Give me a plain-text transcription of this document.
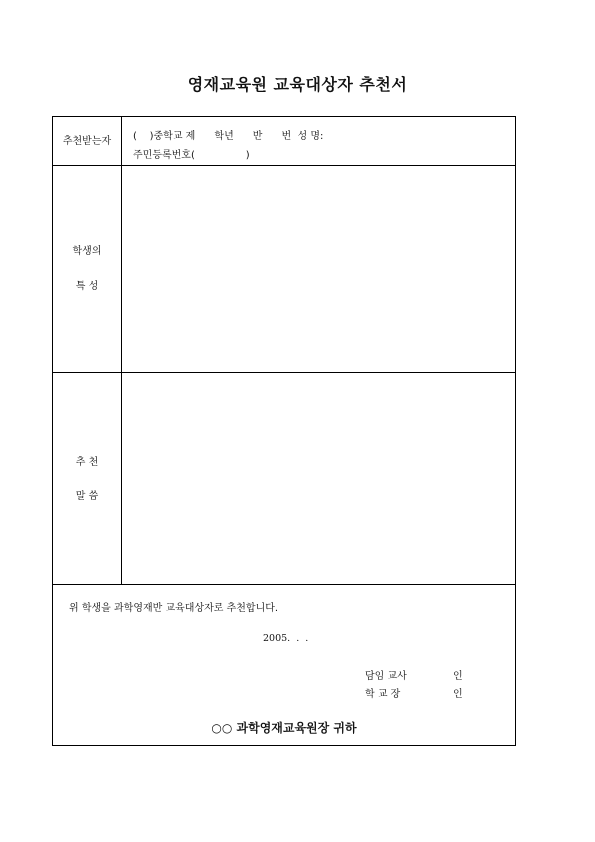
영재교육원 교육대상자 추천서
추천받는자	(    )중학교 제      학년      반      번  성 명:
주민등록번호(                )
학생의
특 성
추 천
말 씀
위 학생을 과학영재반 교육대상자로 추천합니다.
2005.  .  .
담임 교사	인
학 교 장	인
○○ 과학영재교육원장 귀하
